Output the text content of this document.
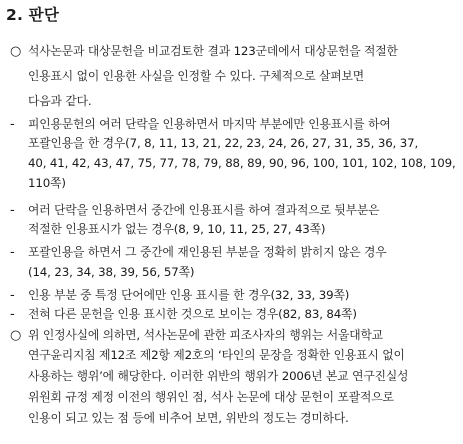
2. 판단
○ 석사논문과 대상문헌을 비교검토한 결과 123군데에서 대상문헌을 적절한
인용표시 없이 인용한 사실을 인정할 수 있다. 구체적으로 살펴보면
다음과 같다.
- 피인용문헌의 여러 단락을 인용하면서 마지막 부분에만 인용표시를 하여
포괄인용을 한 경우(7, 8, 11, 13, 21, 22, 23, 24, 26, 27, 31, 35, 36, 37,
40, 41, 42, 43, 47, 75, 77, 78, 79, 88, 89, 90, 96, 100, 101, 102, 108, 109,
110쪽)
- 여러 단락을 인용하면서 중간에 인용표시를 하여 결과적으로 뒷부분은
적절한 인용표시가 없는 경우(8, 9, 10, 11, 25, 27, 43쪽)
- 포괄인용을 하면서 그 중간에 재인용된 부분을 정확히 밝히지 않은 경우
(14, 23, 34, 38, 39, 56, 57쪽)
- 인용 부분 중 특정 단어에만 인용 표시를 한 경우(32, 33, 39쪽)
- 전혀 다른 문헌을 인용 표시한 것으로 보이는 경우(82, 83, 84쪽)
○ 위 인정사실에 의하면, 석사논문에 관한 피조사자의 행위는 서울대학교
연구윤리지침 제12조 제2항 제2호의 ‘타인의 문장을 정확한 인용표시 없이
사용하는 행위’에 해당한다. 이러한 위반의 행위가 2006년 본교 연구진실성
위원회 규정 제정 이전의 행위인 점, 석사 논문에 대상 문헌이 포괄적으로
인용이 되고 있는 점 등에 비추어 보면, 위반의 정도는 경미하다.
